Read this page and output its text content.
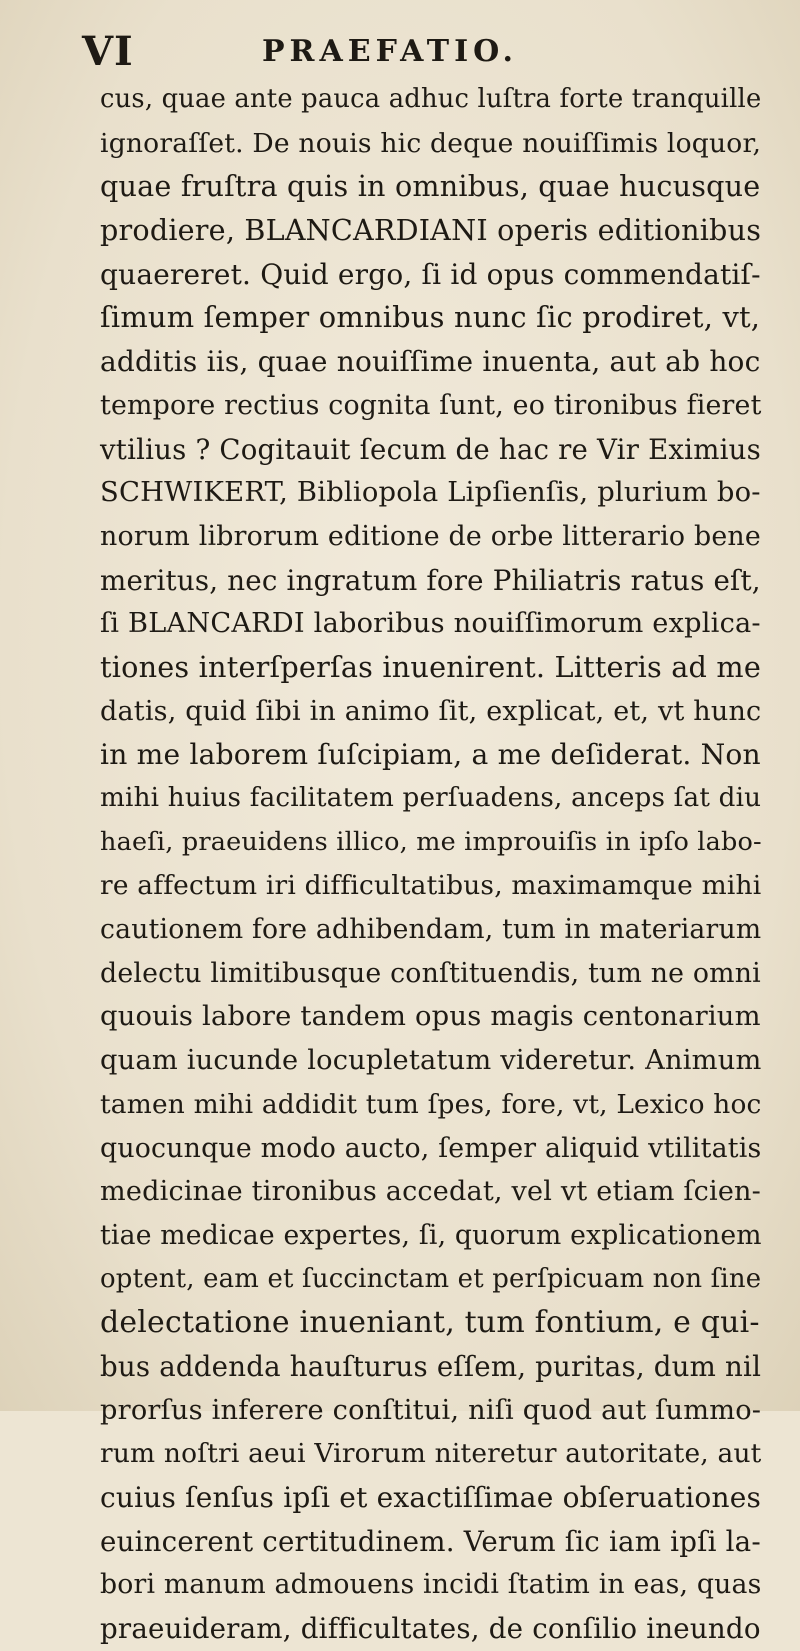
VI	PRAEFATIO.
cus, quae ante pauca adhuc luſtra forte tranquille
ignoraſſet. De nouis hic deque nouiſſimis loquor,
quae fruſtra quis in omnibus, quae hucusque
prodiere, BLANCARDIANI operis editionibus
quaereret. Quid ergo, ſi id opus commendatiſ-
ſimum ſemper omnibus nunc ſic prodiret, vt,
additis iis, quae nouiſſime inuenta, aut ab hoc
tempore rectius cognita ſunt, eo tironibus fieret
vtilius ? Cogitauit ſecum de hac re Vir Eximius
SCHWIKERT, Bibliopola Lipſienſis, plurium bo-
norum librorum editione de orbe litterario bene
meritus, nec ingratum fore Philiatris ratus eſt,
ſi BLANCARDI laboribus nouiſſimorum explica-
tiones interſperſas inuenirent. Litteris ad me
datis, quid ſibi in animo ſit, explicat, et, vt hunc
in me laborem ſuſcipiam, a me deſiderat. Non
mihi huius facilitatem perſuadens, anceps ſat diu
haeſi, praeuidens illico, me improuiſis in ipſo labo-
re affectum iri difficultatibus, maximamque mihi
cautionem fore adhibendam, tum in materiarum
delectu limitibusque conſtituendis, tum ne omni
quouis labore tandem opus magis centonarium
quam iucunde locupletatum videretur. Animum
tamen mihi addidit tum ſpes, fore, vt, Lexico hoc
quocunque modo aucto, ſemper aliquid vtilitatis
medicinae tironibus accedat, vel vt etiam ſcien-
tiae medicae expertes, ſi, quorum explicationem
optent, eam et ſuccinctam et perſpicuam non ſine
delectatione inueniant, tum fontium, e qui-
bus addenda hauſturus eſſem, puritas, dum nil
prorſus inferere conſtitui, niſi quod aut ſummo-
rum noſtri aeui Virorum niteretur autoritate, aut
cuius ſenſus ipſi et exactiſſimae obſeruationes
euincerent certitudinem. Verum ſic iam ipſi la-
bori manum admouens incidi ſtatim in eas, quas
praeuideram, difficultates, de conſilio ineundo
